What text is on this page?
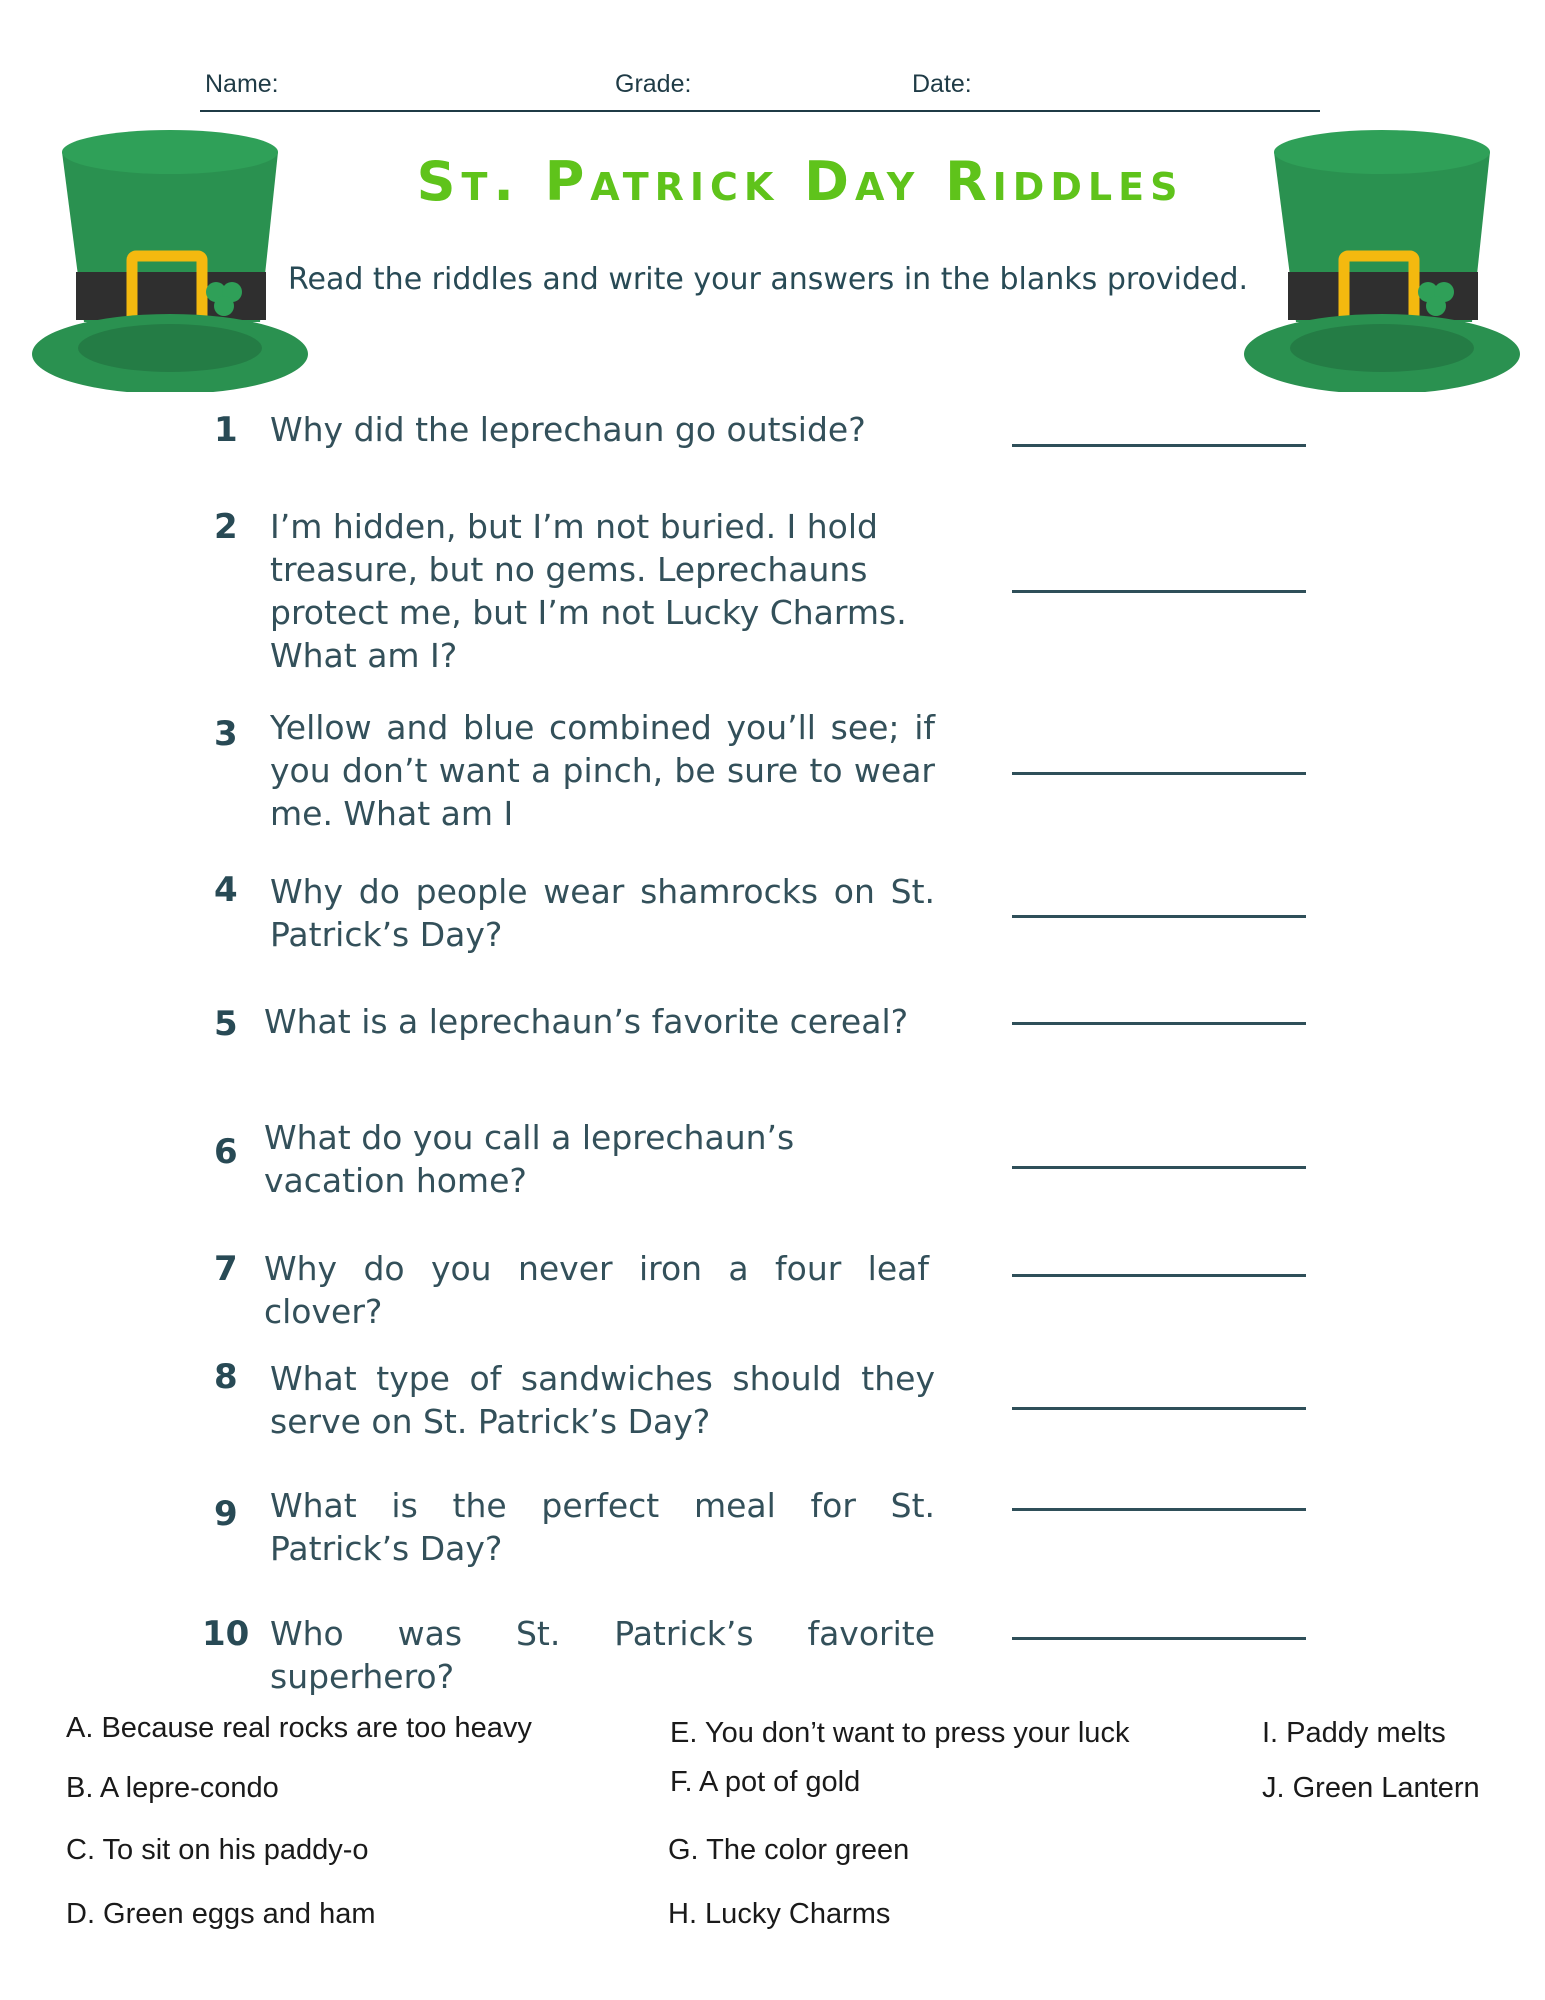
Name:	Grade:	Date:
St. Patrick Day Riddles
Read the riddles and write your answers in the blanks provided.
1 Why did the leprechaun go outside?
2 I’m hidden, but I’m not buried. I hold treasure, but no gems. Leprechauns protect me, but I’m not Lucky Charms. What am I?
3 Yellow and blue combined you’ll see; if you don’t want a pinch, be sure to wear me. What am I
4 Why do people wear shamrocks on St. Patrick’s Day?
5 What is a leprechaun’s favorite cereal?
6 What do you call a leprechaun’s vacation home?
7 Why do you never iron a four leaf clover?
8 What type of sandwiches should they serve on St. Patrick’s Day?
9 What is the perfect meal for St. Patrick’s Day?
10 Who was St. Patrick’s favorite superhero?
A. Because real rocks are too heavy
B. A lepre-condo
C. To sit on his paddy-o
D. Green eggs and ham
E. You don’t want to press your luck
F. A pot of gold
G. The color green
H. Lucky Charms
I. Paddy melts
J. Green Lantern
